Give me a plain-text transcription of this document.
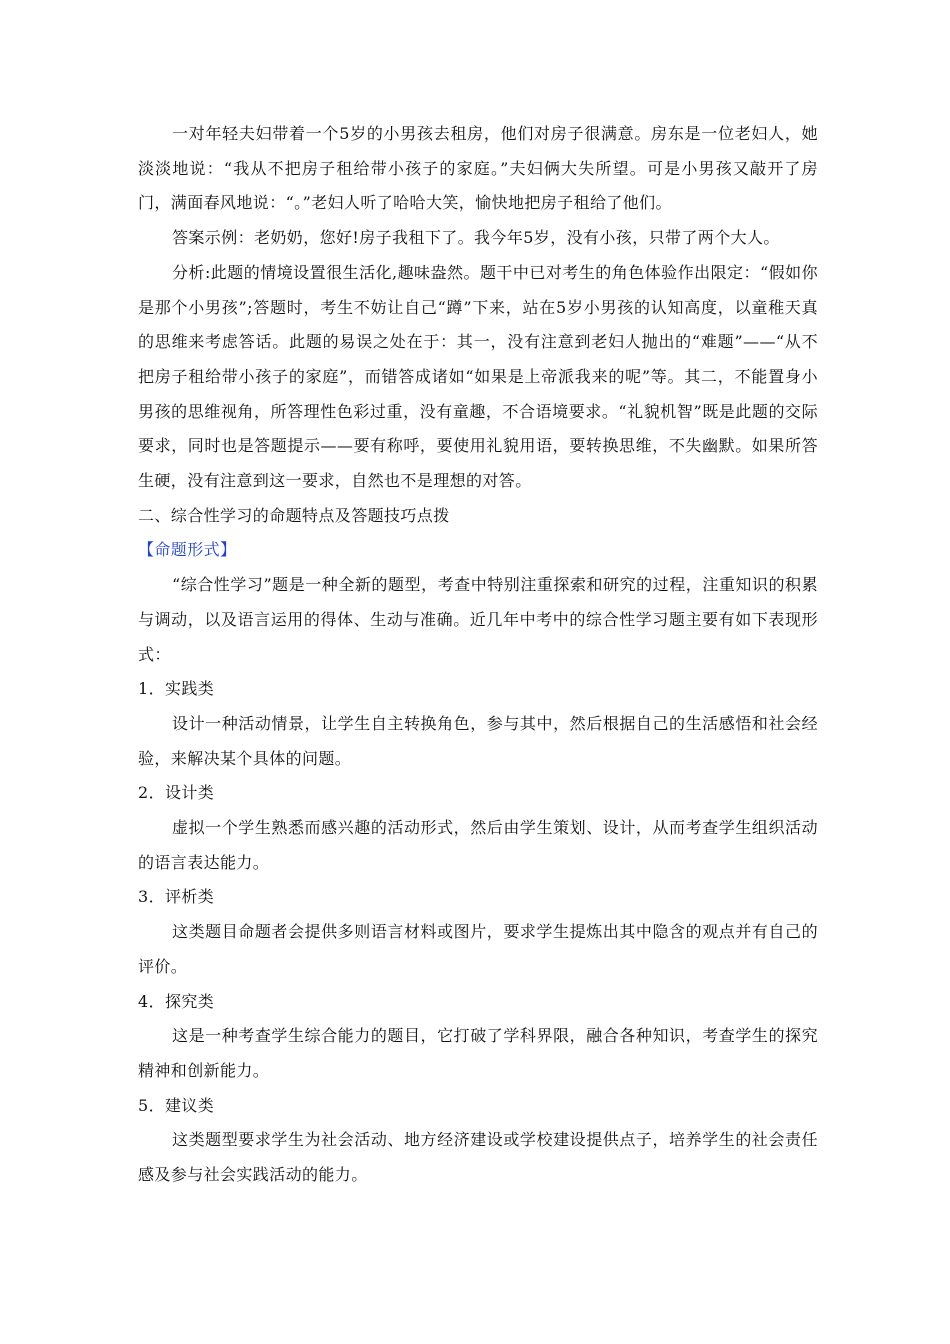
一对年轻夫妇带着一个5岁的小男孩去租房，他们对房子很满意。房东是一位老妇人，她淡淡地说：“我从不把房子租给带小孩子的家庭。”夫妇俩大失所望。可是小男孩又敲开了房门，满面春风地说：“。”老妇人听了哈哈大笑，愉快地把房子租给了他们。

答案示例：老奶奶，您好!房子我租下了。我今年5岁，没有小孩，只带了两个大人。

分析:此题的情境设置很生活化,趣味盎然。题干中已对考生的角色体验作出限定：“假如你是那个小男孩”;答题时，考生不妨让自己“蹲”下来，站在5岁小男孩的认知高度，以童稚天真的思维来考虑答话。此题的易误之处在于：其一，没有注意到老妇人抛出的“难题”——“从不把房子租给带小孩子的家庭”，而错答成诸如“如果是上帝派我来的呢”等。其二，不能置身小男孩的思维视角，所答理性色彩过重，没有童趣，不合语境要求。“礼貌机智”既是此题的交际要求，同时也是答题提示——要有称呼，要使用礼貌用语，要转换思维，不失幽默。如果所答生硬，没有注意到这一要求，自然也不是理想的对答。

二、综合性学习的命题特点及答题技巧点拨

【命题形式】

“综合性学习”题是一种全新的题型，考查中特别注重探索和研究的过程，注重知识的积累与调动，以及语言运用的得体、生动与准确。近几年中考中的综合性学习题主要有如下表现形式：

1．实践类

设计一种活动情景，让学生自主转换角色，参与其中，然后根据自己的生活感悟和社会经验，来解决某个具体的问题。

2．设计类

虚拟一个学生熟悉而感兴趣的活动形式，然后由学生策划、设计，从而考查学生组织活动的语言表达能力。

3．评析类

这类题目命题者会提供多则语言材料或图片，要求学生提炼出其中隐含的观点并有自己的评价。

4．探究类

这是一种考查学生综合能力的题目，它打破了学科界限，融合各种知识，考查学生的探究精神和创新能力。

5．建议类

这类题型要求学生为社会活动、地方经济建设或学校建设提供点子，培养学生的社会责任感及参与社会实践活动的能力。
